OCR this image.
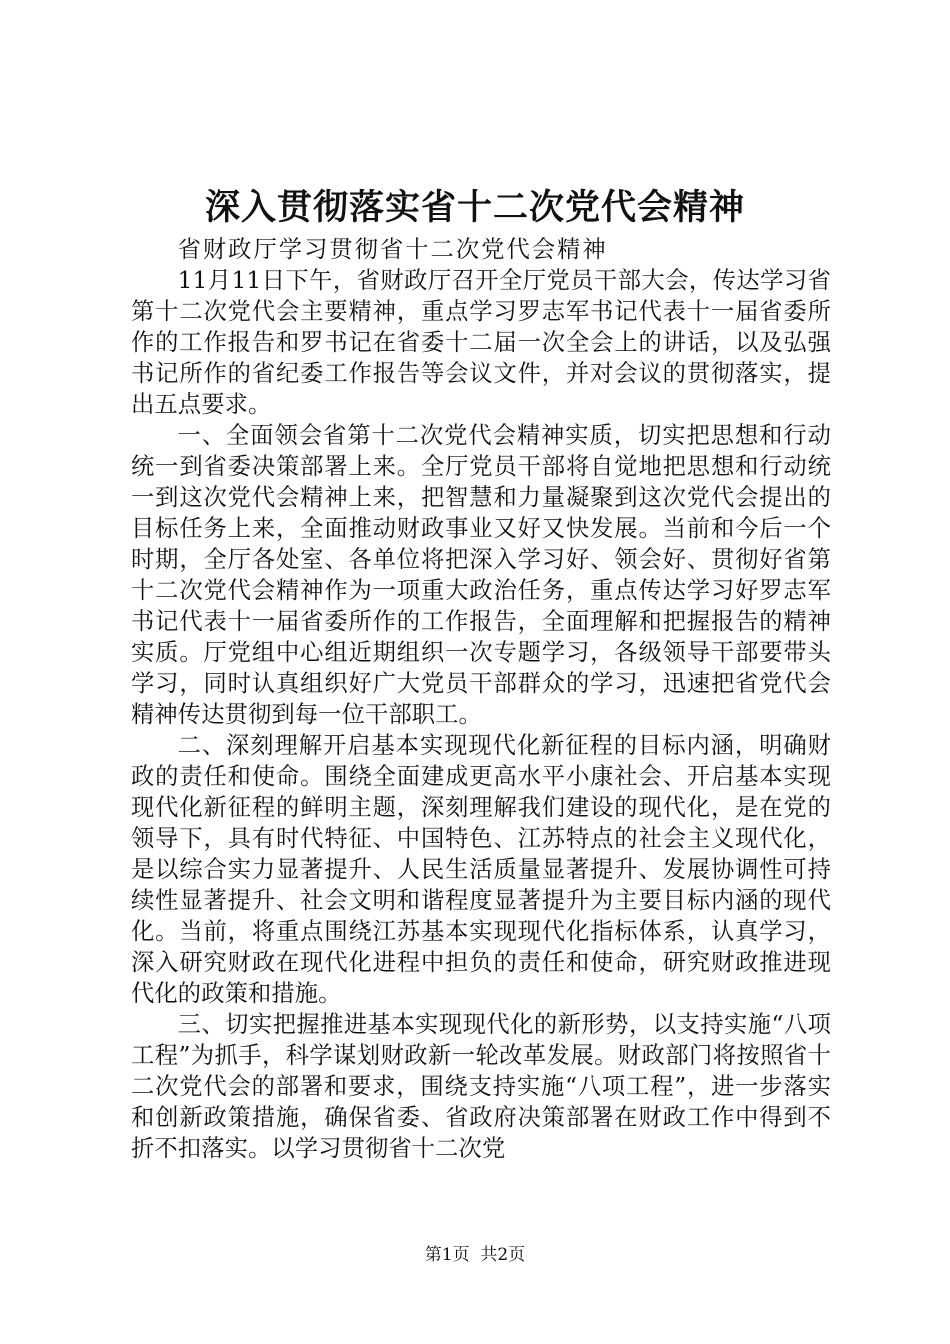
深入贯彻落实省十二次党代会精神

省财政厅学习贯彻省十二次党代会精神

11月11日下午，省财政厅召开全厅党员干部大会，传达学习省第十二次党代会主要精神，重点学习罗志军书记代表十一届省委所作的工作报告和罗书记在省委十二届一次全会上的讲话，以及弘强书记所作的省纪委工作报告等会议文件，并对会议的贯彻落实，提出五点要求。

一、全面领会省第十二次党代会精神实质，切实把思想和行动统一到省委决策部署上来。全厅党员干部将自觉地把思想和行动统一到这次党代会精神上来，把智慧和力量凝聚到这次党代会提出的目标任务上来，全面推动财政事业又好又快发展。当前和今后一个时期，全厅各处室、各单位将把深入学习好、领会好、贯彻好省第十二次党代会精神作为一项重大政治任务，重点传达学习好罗志军书记代表十一届省委所作的工作报告，全面理解和把握报告的精神实质。厅党组中心组近期组织一次专题学习，各级领导干部要带头学习，同时认真组织好广大党员干部群众的学习，迅速把省党代会精神传达贯彻到每一位干部职工。

二、深刻理解开启基本实现现代化新征程的目标内涵，明确财政的责任和使命。围绕全面建成更高水平小康社会、开启基本实现现代化新征程的鲜明主题，深刻理解我们建设的现代化，是在党的领导下，具有时代特征、中国特色、江苏特点的社会主义现代化，是以综合实力显著提升、人民生活质量显著提升、发展协调性可持续性显著提升、社会文明和谐程度显著提升为主要目标内涵的现代化。当前，将重点围绕江苏基本实现现代化指标体系，认真学习，深入研究财政在现代化进程中担负的责任和使命，研究财政推进现代化的政策和措施。

三、切实把握推进基本实现现代化的新形势，以支持实施“八项工程”为抓手，科学谋划财政新一轮改革发展。财政部门将按照省十二次党代会的部署和要求，围绕支持实施“八项工程”，进一步落实和创新政策措施，确保省委、省政府决策部署在财政工作中得到不折不扣落实。以学习贯彻省十二次党

第1页  共2页
